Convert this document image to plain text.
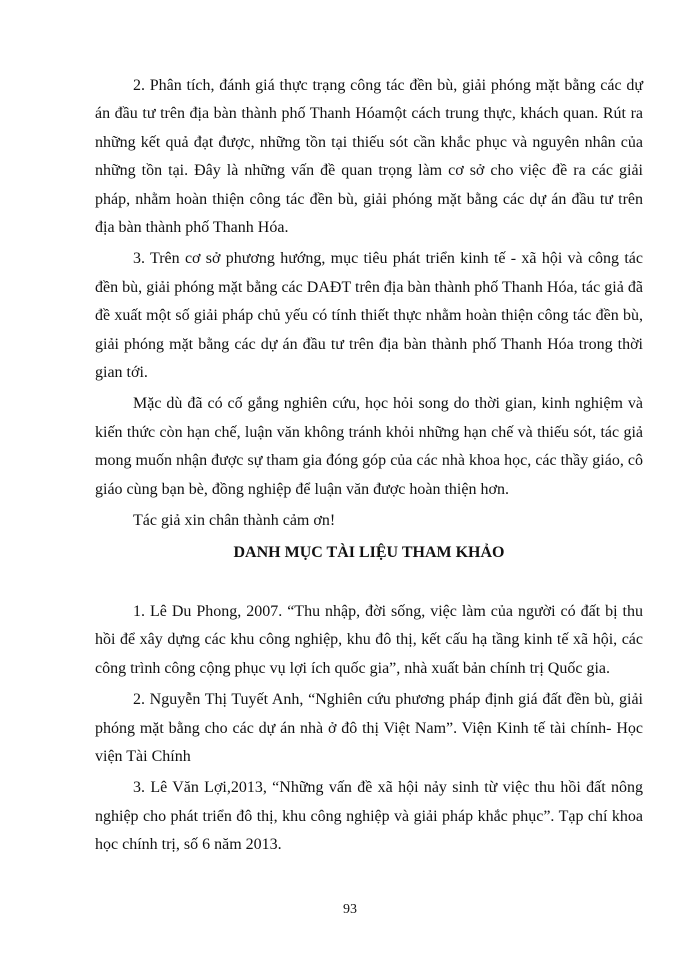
2. Phân tích, đánh giá thực trạng công tác đền bù, giải phóng mặt bằng các dự án đầu tư trên địa bàn thành phố Thanh Hóamột cách trung thực, khách quan. Rút ra những kết quả đạt được, những tồn tại thiếu sót cần khắc phục và nguyên nhân của những tồn tại. Đây là những vấn đề quan trọng làm cơ sở cho việc đề ra các giải pháp, nhằm hoàn thiện công tác đền bù, giải phóng mặt bằng các dự án đầu tư trên địa bàn thành phố Thanh Hóa.

3. Trên cơ sở phương hướng, mục tiêu phát triển kinh tế - xã hội và công tác đền bù, giải phóng mặt bằng các DAĐT trên địa bàn thành phố Thanh Hóa, tác giả đã đề xuất một số giải pháp chủ yếu có tính thiết thực nhằm hoàn thiện công tác đền bù, giải phóng mặt bằng các dự án đầu tư trên địa bàn thành phố Thanh Hóa trong thời gian tới.

Mặc dù đã có cố gắng nghiên cứu, học hỏi song do thời gian, kinh nghiệm và kiến thức còn hạn chế, luận văn không tránh khỏi những hạn chế và thiếu sót, tác giả mong muốn nhận được sự tham gia đóng góp của các nhà khoa học, các thầy giáo, cô giáo cùng bạn bè, đồng nghiệp để luận văn được hoàn thiện hơn.

Tác giả xin chân thành cảm ơn!

DANH MỤC TÀI LIỆU THAM KHẢO

1. Lê Du Phong, 2007. “Thu nhập, đời sống, việc làm của người có đất bị thu hồi để xây dựng các khu công nghiệp, khu đô thị, kết cấu hạ tầng kinh tế xã hội, các công trình công cộng phục vụ lợi ích quốc gia”, nhà xuất bản chính trị Quốc gia.

2. Nguyễn Thị Tuyết Anh, “Nghiên cứu phương pháp định giá đất đền bù, giải phóng mặt bằng cho các dự án nhà ở đô thị Việt Nam”. Viện Kinh tế tài chính- Học viện Tài Chính

3. Lê Văn Lợi,2013, “Những vấn đề xã hội nảy sinh từ việc thu hồi đất nông nghiệp cho phát triển đô thị, khu công nghiệp và giải pháp khắc phục”. Tạp chí khoa học chính trị, số 6 năm 2013.

93
